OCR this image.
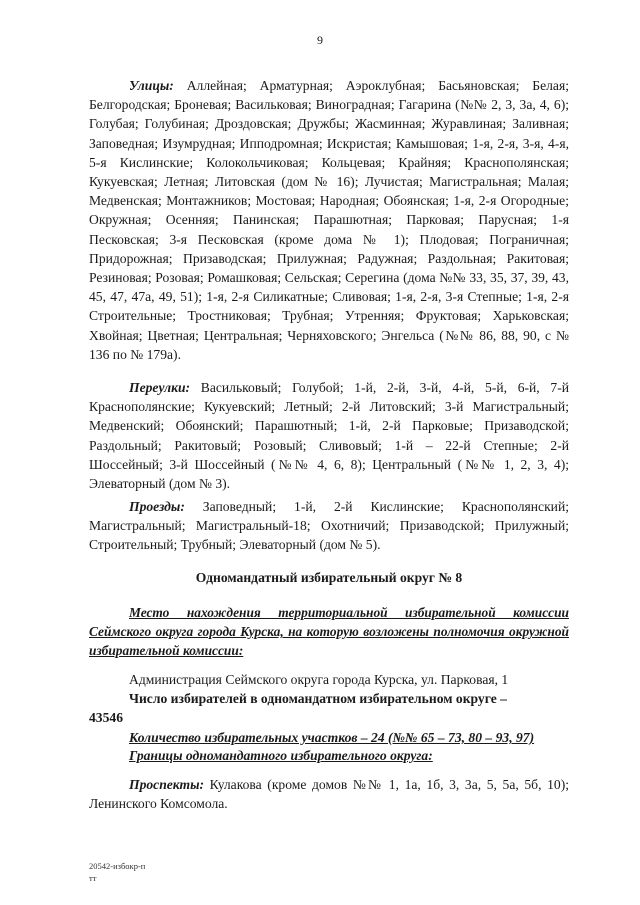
9

Улицы: Аллейная; Арматурная; Аэроклубная; Басьяновская; Белая; Белгородская; Броневая; Васильковая; Виноградная; Гагарина (№№ 2, 3, 3а, 4, 6); Голубая; Голубиная; Дроздовская; Дружбы; Жасминная; Журавлиная; Заливная; Заповедная; Изумрудная; Ипподромная; Искристая; Камышовая; 1-я, 2-я, 3-я, 4-я, 5-я Кислинские; Колокольчиковая; Кольцевая; Крайняя; Краснополянская; Кукуевская; Летная; Литовская (дом № 16); Лучистая; Магистральная; Малая; Медвенская; Монтажников; Мостовая; Народная; Обоянская; 1-я, 2-я Огородные; Окружная; Осенняя; Панинская; Парашютная; Парковая; Парусная; 1-я Песковская; 3-я Песковская (кроме дома № 1); Плодовая; Пограничная; Придорожная; Призаводская; Прилужная; Радужная; Раздольная; Ракитовая; Резиновая; Розовая; Ромашковая; Сельская; Серегина (дома №№ 33, 35, 37, 39, 43, 45, 47, 47а, 49, 51); 1-я, 2-я Силикатные; Сливовая; 1-я, 2-я, 3-я Степные; 1-я, 2-я Строительные; Тростниковая; Трубная; Утренняя; Фруктовая; Харьковская; Хвойная; Цветная; Центральная; Черняховского; Энгельса (№№ 86, 88, 90, с № 136 по № 179а).

Переулки: Васильковый; Голубой; 1-й, 2-й, 3-й, 4-й, 5-й, 6-й, 7-й Краснополянские; Кукуевский; Летный; 2-й Литовский; 3-й Магистральный; Медвенский; Обоянский; Парашютный; 1-й, 2-й Парковые; Призаводской; Раздольный; Ракитовый; Розовый; Сливовый; 1-й – 22-й Степные; 2-й Шоссейный; 3-й Шоссейный (№№ 4, 6, 8); Центральный (№№ 1, 2, 3, 4); Элеваторный (дом № 3).

Проезды: Заповедный; 1-й, 2-й Кислинские; Краснополянский; Магистральный; Магистральный-18; Охотничий; Призаводской; Прилужный; Строительный; Трубный; Элеваторный (дом № 5).

Одномандатный избирательный округ № 8
Место нахождения территориальной избирательной комиссии Сеймского округа города Курска, на которую возложены полномочия окружной избирательной комиссии:
Администрация Сеймского округа города Курска, ул. Парковая, 1
Число избирателей в одномандатном избирательном округе –
43546
Количество избирательных участков – 24 (№№ 65 – 73, 80 – 93, 97)
Границы одномандатного избирательного округа:

Проспекты: Кулакова (кроме домов №№ 1, 1а, 1б, 3, 3а, 5, 5а, 5б, 10); Ленинского Комсомола.

20542-избокр-п
тт
